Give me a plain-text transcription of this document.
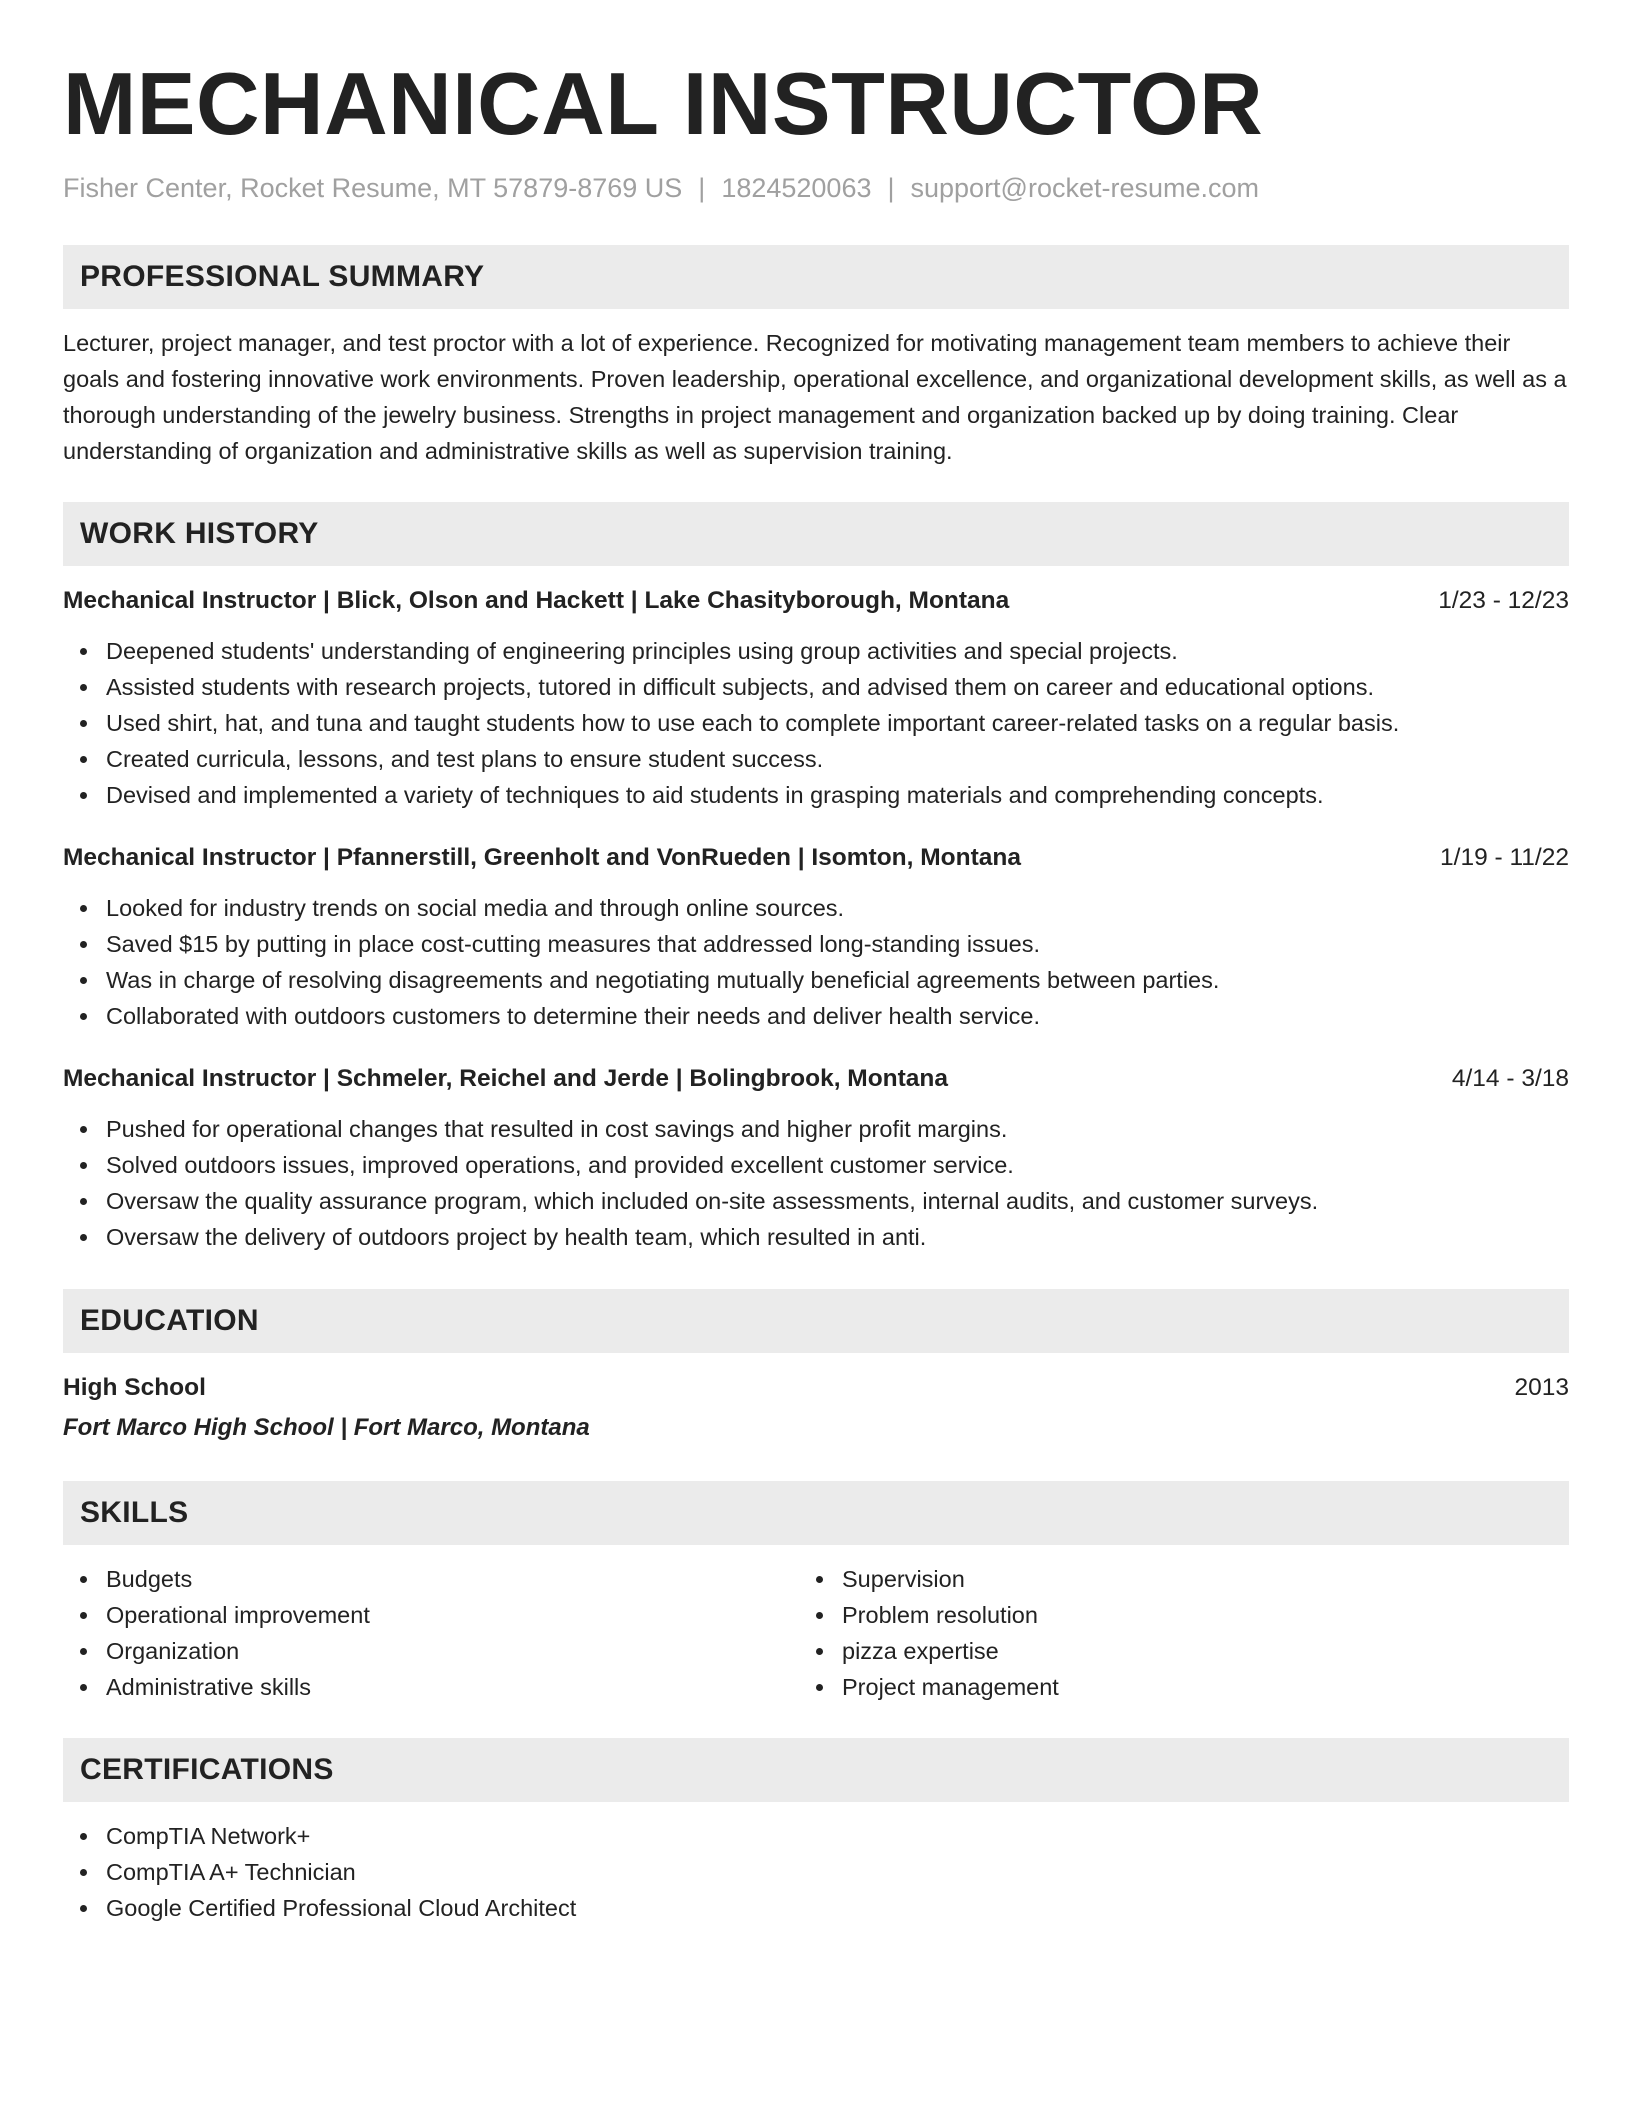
MECHANICAL INSTRUCTOR
Fisher Center, Rocket Resume, MT 57879-8769 US | 1824520063 | support@rocket-resume.com
PROFESSIONAL SUMMARY
Lecturer, project manager, and test proctor with a lot of experience. Recognized for motivating management team members to achieve their goals and fostering innovative work environments. Proven leadership, operational excellence, and organizational development skills, as well as a thorough understanding of the jewelry business. Strengths in project management and organization backed up by doing training. Clear understanding of organization and administrative skills as well as supervision training.
WORK HISTORY
Mechanical Instructor | Blick, Olson and Hackett | Lake Chasityborough, Montana	1/23 - 12/23
Deepened students' understanding of engineering principles using group activities and special projects.
Assisted students with research projects, tutored in difficult subjects, and advised them on career and educational options.
Used shirt, hat, and tuna and taught students how to use each to complete important career-related tasks on a regular basis.
Created curricula, lessons, and test plans to ensure student success.
Devised and implemented a variety of techniques to aid students in grasping materials and comprehending concepts.
Mechanical Instructor | Pfannerstill, Greenholt and VonRueden | Isomton, Montana	1/19 - 11/22
Looked for industry trends on social media and through online sources.
Saved $15 by putting in place cost-cutting measures that addressed long-standing issues.
Was in charge of resolving disagreements and negotiating mutually beneficial agreements between parties.
Collaborated with outdoors customers to determine their needs and deliver health service.
Mechanical Instructor | Schmeler, Reichel and Jerde | Bolingbrook, Montana	4/14 - 3/18
Pushed for operational changes that resulted in cost savings and higher profit margins.
Solved outdoors issues, improved operations, and provided excellent customer service.
Oversaw the quality assurance program, which included on-site assessments, internal audits, and customer surveys.
Oversaw the delivery of outdoors project by health team, which resulted in anti.
EDUCATION
High School	2013
Fort Marco High School | Fort Marco, Montana
SKILLS
Budgets
Operational improvement
Organization
Administrative skills
Supervision
Problem resolution
pizza expertise
Project management
CERTIFICATIONS
CompTIA Network+
CompTIA A+ Technician
Google Certified Professional Cloud Architect
